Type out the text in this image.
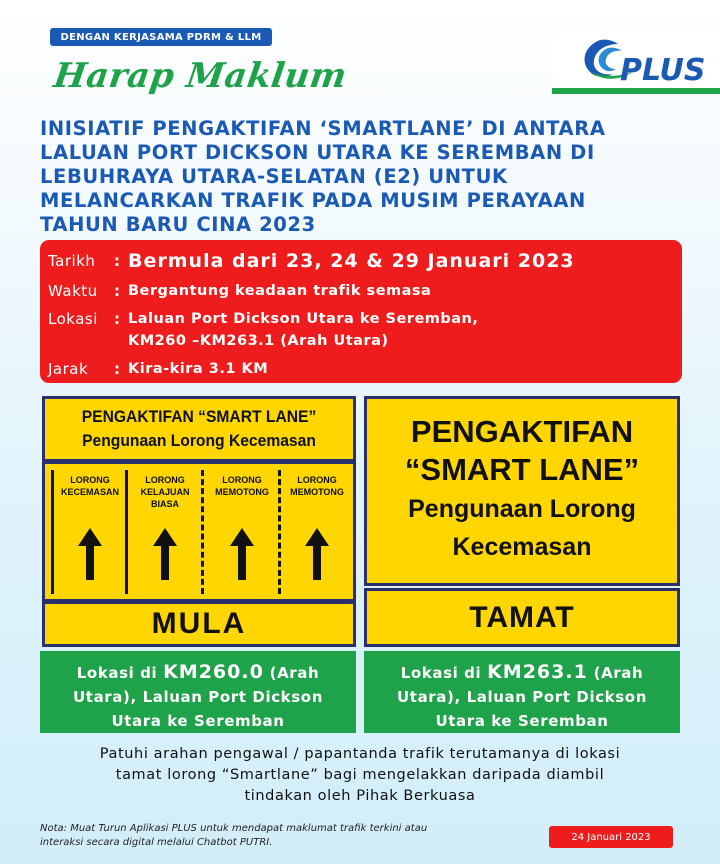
DENGAN KERJASAMA PDRM & LLM
Harap Maklum	PLUS
INISIATIF PENGAKTIFAN ‘SMARTLANE’ DI ANTARA
LALUAN PORT DICKSON UTARA KE SEREMBAN DI
LEBUHRAYA UTARA-SELATAN (E2) UNTUK
MELANCARKAN TRAFIK PADA MUSIM PERAYAAN
TAHUN BARU CINA 2023
Tarikh	: Bermula dari 23, 24 & 29 Januari 2023
Waktu	: Bergantung keadaan trafik semasa
Lokasi	: Laluan Port Dickson Utara ke Seremban,
KM260 –KM263.1 (Arah Utara)
Jarak	: Kira-kira 3.1 KM
PENGAKTIFAN “SMART LANE”
Pengunaan Lorong Kecemasan
LORONG
KECEMASAN
LORONG
KELAJUAN
BIASA
LORONG
MEMOTONG
LORONG
MEMOTONG
MULA
PENGAKTIFAN
“SMART LANE”
Pengunaan Lorong
Kecemasan
TAMAT
Lokasi di KM260.0 (Arah
Utara), Laluan Port Dickson
Utara ke Seremban
Lokasi di KM263.1 (Arah
Utara), Laluan Port Dickson
Utara ke Seremban
Patuhi arahan pengawal / papantanda trafik terutamanya di lokasi
tamat lorong “Smartlane” bagi mengelakkan daripada diambil
tindakan oleh Pihak Berkuasa
Nota: Muat Turun Aplikasi PLUS untuk mendapat maklumat trafik terkini atau
interaksi secara digital melalui Chatbot PUTRI.	24 Januari 2023
